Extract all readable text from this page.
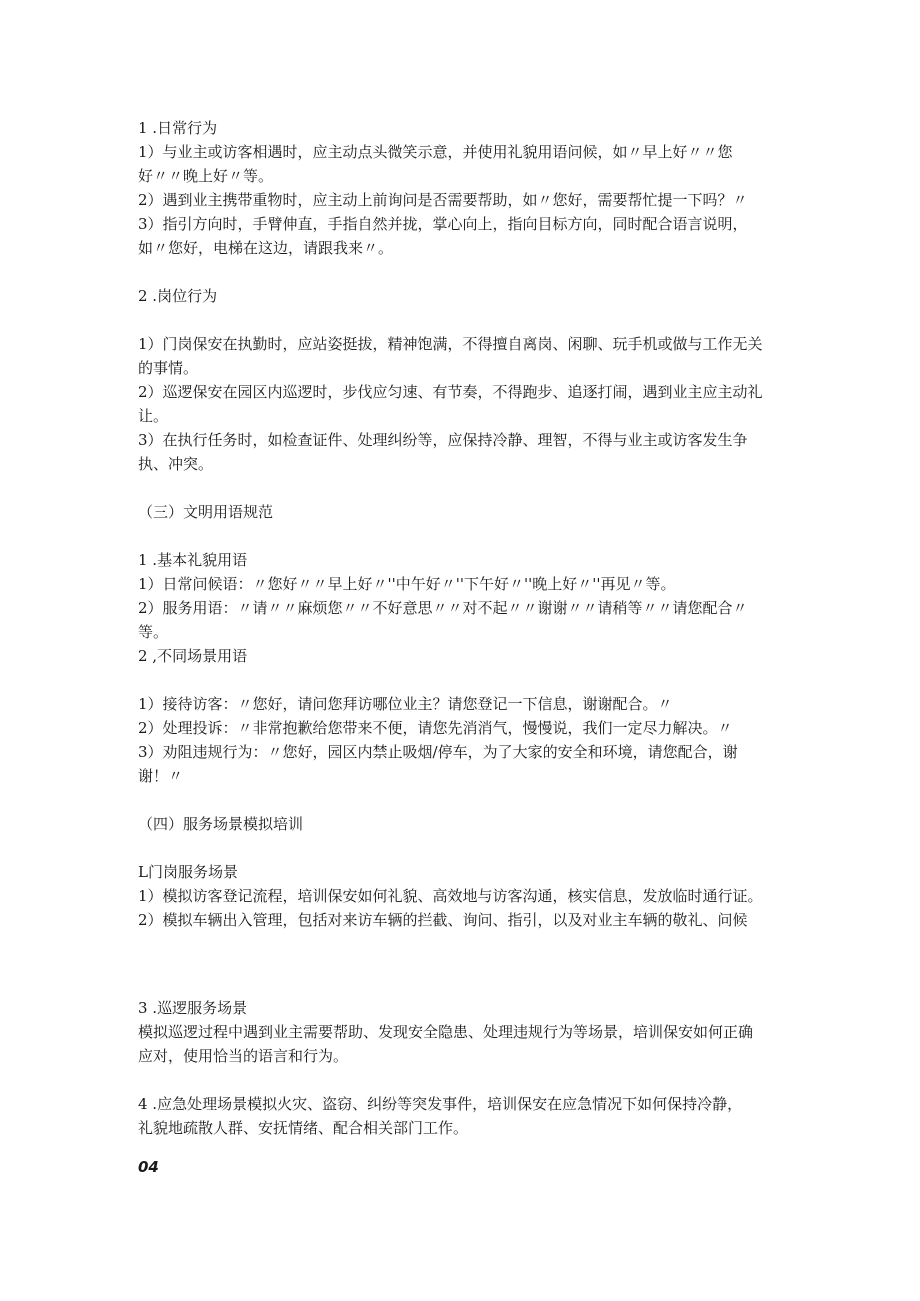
1 .日常行为
1）与业主或访客相遇时，应主动点头微笑示意，并使用礼貌用语问候，如〃早上好〃〃您
好〃〃晚上好〃等。
2）遇到业主携带重物时，应主动上前询问是否需要帮助，如〃您好，需要帮忙提一下吗？〃
3）指引方向时，手臂伸直，手指自然并拢，掌心向上，指向目标方向，同时配合语言说明，
如〃您好，电梯在这边，请跟我来〃。
2 .岗位行为
1）门岗保安在执勤时，应站姿挺拔，精神饱满，不得擅自离岗、闲聊、玩手机或做与工作无关
的事情。
2）巡逻保安在园区内巡逻时，步伐应匀速、有节奏，不得跑步、追逐打闹，遇到业主应主动礼
让。
3）在执行任务时，如检查证件、处理纠纷等，应保持冷静、理智，不得与业主或访客发生争
执、冲突。
（三）文明用语规范
1 .基本礼貌用语
1）日常问候语：〃您好〃〃早上好〃''中午好〃''下午好〃''晚上好〃''再见〃等。
2）服务用语：〃请〃〃麻烦您〃〃不好意思〃〃对不起〃〃谢谢〃〃请稍等〃〃请您配合〃
等。
2 ,不同场景用语
1）接待访客：〃您好，请问您拜访哪位业主？请您登记一下信息，谢谢配合。〃
2）处理投诉：〃非常抱歉给您带来不便，请您先消消气，慢慢说，我们一定尽力解决。〃
3）劝阻违规行为：〃您好，园区内禁止吸烟/停车，为了大家的安全和环境，请您配合，谢
谢！〃
（四）服务场景模拟培训
L门岗服务场景
1）模拟访客登记流程，培训保安如何礼貌、高效地与访客沟通，核实信息，发放临时通行证。
2）模拟车辆出入管理，包括对来访车辆的拦截、询问、指引，以及对业主车辆的敬礼、问候
3 .巡逻服务场景
模拟巡逻过程中遇到业主需要帮助、发现安全隐患、处理违规行为等场景，培训保安如何正确
应对，使用恰当的语言和行为。
4 .应急处理场景模拟火灾、盗窃、纠纷等突发事件，培训保安在应急情况下如何保持冷静，
礼貌地疏散人群、安抚情绪、配合相关部门工作。
04
